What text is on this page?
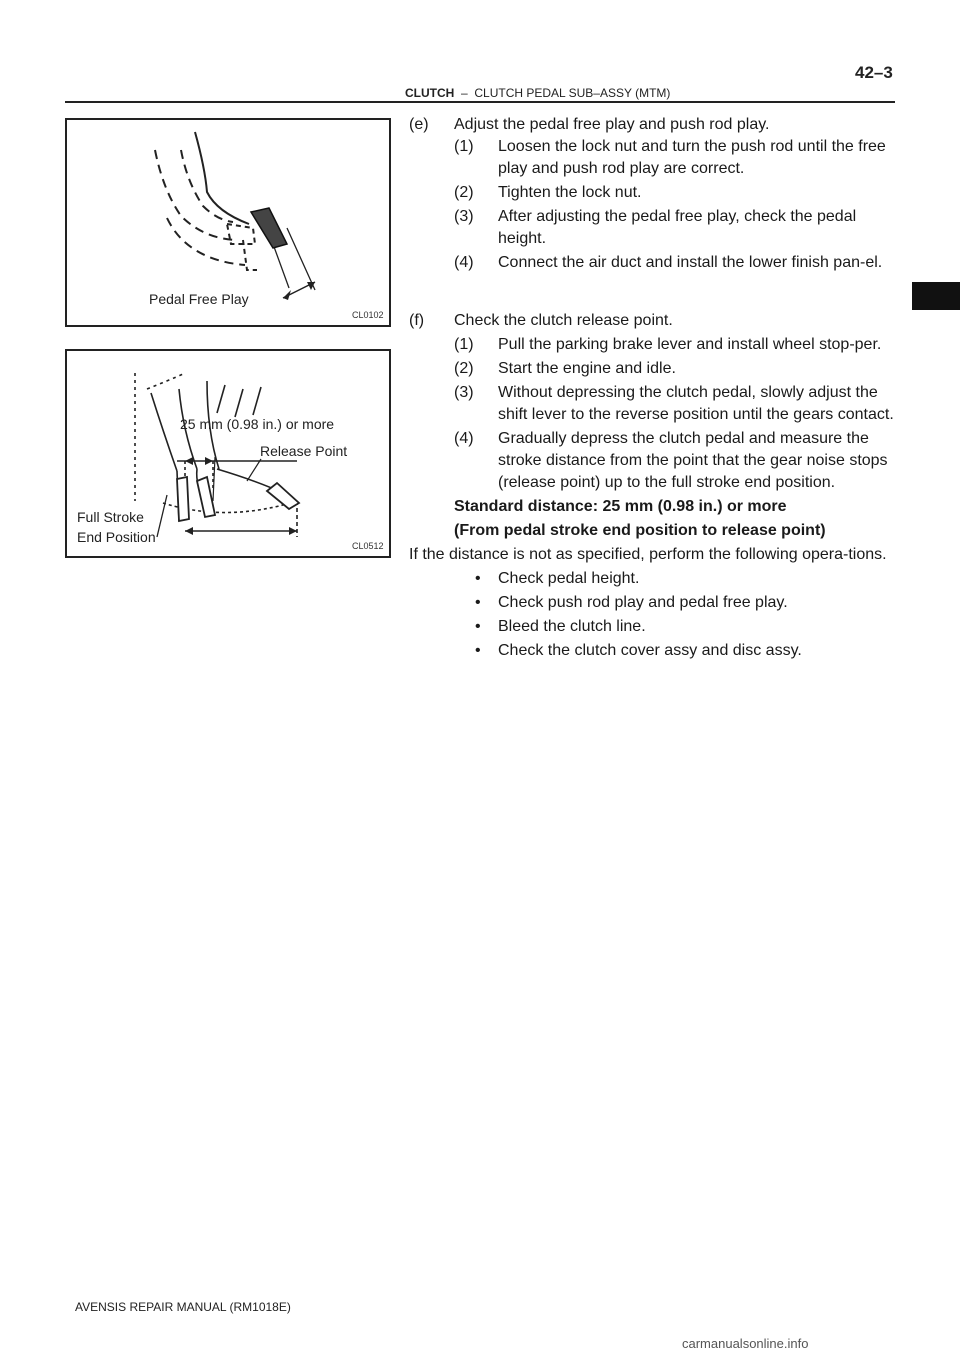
CLUTCH – CLUTCH PEDAL SUB–ASSY (MTM)
42–3
Pedal Free Play
CL0102
25 mm (0.98 in.) or more
Release Point
Full Stroke
End Position
CL0512
(e) Adjust the pedal free play and push rod play.
(1) Loosen the lock nut and turn the push rod until the free play and push rod play are correct.
(2) Tighten the lock nut.
(3) After adjusting the pedal free play, check the pedal height.
(4) Connect the air duct and install the lower finish pan-el.
(f) Check the clutch release point.
(1) Pull the parking brake lever and install wheel stop-per.
(2) Start the engine and idle.
(3) Without depressing the clutch pedal, slowly adjust the shift lever to the reverse position until the gears contact.
(4) Gradually depress the clutch pedal and measure the stroke distance from the point that the gear noise stops (release point) up to the full stroke end position.
Standard distance: 25 mm (0.98 in.) or more
(From pedal stroke end position to release point)
If the distance is not as specified, perform the following opera-tions.
• Check pedal height.
• Check push rod play and pedal free play.
• Bleed the clutch line.
• Check the clutch cover assy and disc assy.
AVENSIS REPAIR MANUAL (RM1018E)
carmanualsonline.info
